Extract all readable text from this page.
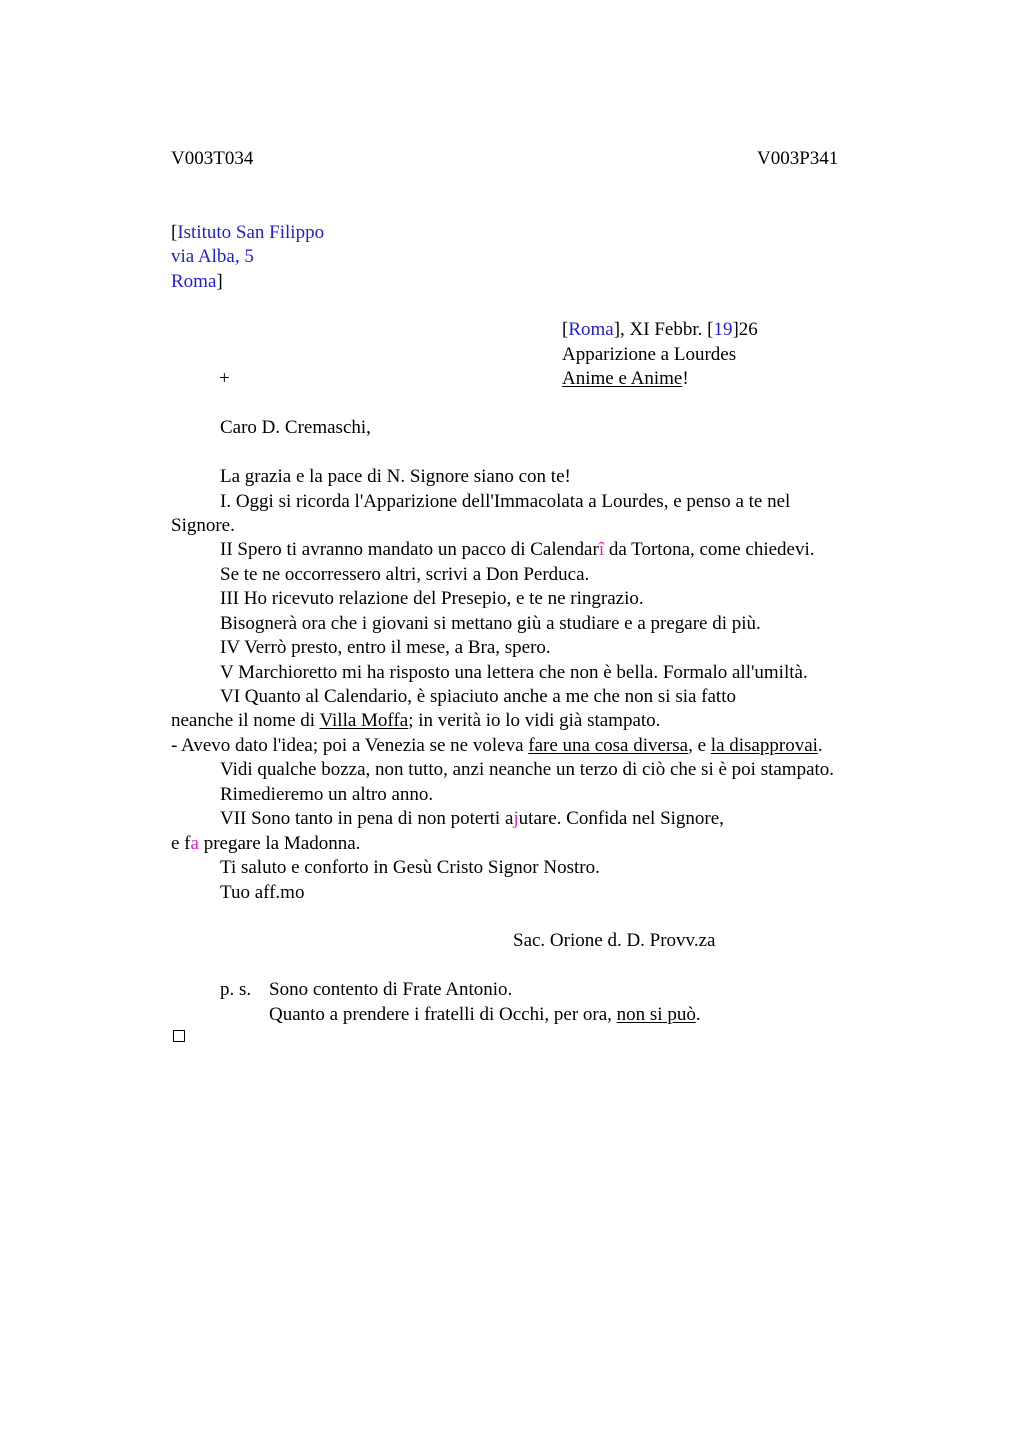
V003T034	V003P341
[Istituto San Filippo
via Alba, 5
Roma]
[Roma], XI Febbr. [19]26
Apparizione a Lourdes
Anime e Anime!
+
Caro D. Cremaschi,
La grazia e la pace di N. Signore siano con te!
I. Oggi si ricorda l'Apparizione dell'Immacolata a Lourdes, e penso a te nel
Signore.
II Spero ti avranno mandato un pacco di Calendarî da Tortona, come chiedevi.
Se te ne occorressero altri, scrivi a Don Perduca.
III Ho ricevuto relazione del Presepio, e te ne ringrazio.
Bisognerà ora che i giovani si mettano giù a studiare e a pregare di più.
IV Verrò presto, entro il mese, a Bra, spero.
V Marchioretto mi ha risposto una lettera che non è bella. Formalo all'umiltà.
VI Quanto al Calendario, è spiaciuto anche a me che non si sia fatto
neanche il nome di Villa Moffa; in verità io lo vidi già stampato.
- Avevo dato l'idea; poi a Venezia se ne voleva fare una cosa diversa, e la disapprovai.
Vidi qualche bozza, non tutto, anzi neanche un terzo di ciò che si è poi stampato.
Rimedieremo un altro anno.
VII Sono tanto in pena di non poterti ajutare. Confida nel Signore,
e fa pregare la Madonna.
Ti saluto e conforto in Gesù Cristo Signor Nostro.
Tuo aff.mo
Sac. Orione d. D. Provv.za
p. s. Sono contento di Frate Antonio.
Quanto a prendere i fratelli di Occhi, per ora, non si può.
